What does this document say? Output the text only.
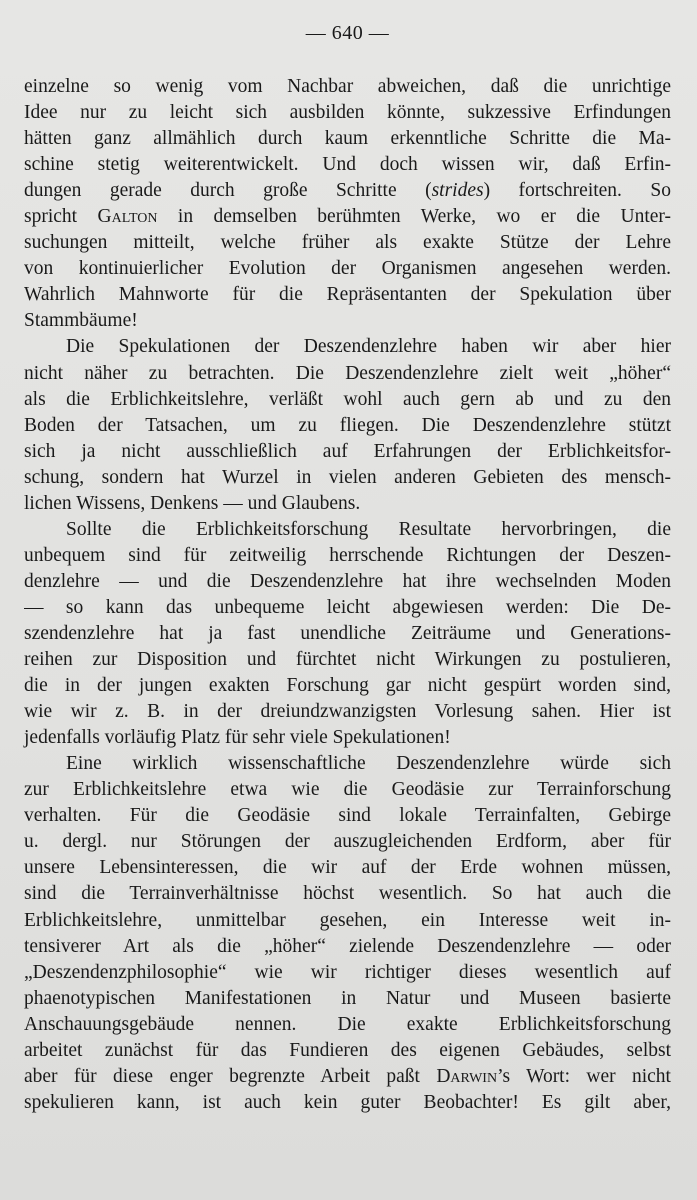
— 640 —
einzelne so wenig vom Nachbar abweichen, daß die unrichtige
Idee nur zu leicht sich ausbilden könnte, sukzessive Erfindungen
hätten ganz allmählich durch kaum erkenntliche Schritte die Ma-
schine stetig weiterentwickelt. Und doch wissen wir, daß Erfin-
dungen gerade durch große Schritte (strides) fortschreiten. So
spricht Galton in demselben berühmten Werke, wo er die Unter-
suchungen mitteilt, welche früher als exakte Stütze der Lehre
von kontinuierlicher Evolution der Organismen angesehen werden.
Wahrlich Mahnworte für die Repräsentanten der Spekulation über
Stammbäume!
Die Spekulationen der Deszendenzlehre haben wir aber hier
nicht näher zu betrachten. Die Deszendenzlehre zielt weit „höher“
als die Erblichkeitslehre, verläßt wohl auch gern ab und zu den
Boden der Tatsachen, um zu fliegen. Die Deszendenzlehre stützt
sich ja nicht ausschließlich auf Erfahrungen der Erblichkeitsfor-
schung, sondern hat Wurzel in vielen anderen Gebieten des mensch-
lichen Wissens, Denkens — und Glaubens.
Sollte die Erblichkeitsforschung Resultate hervorbringen, die
unbequem sind für zeitweilig herrschende Richtungen der Deszen-
denzlehre — und die Deszendenzlehre hat ihre wechselnden Moden
— so kann das unbequeme leicht abgewiesen werden: Die De-
szendenzlehre hat ja fast unendliche Zeiträume und Generations-
reihen zur Disposition und fürchtet nicht Wirkungen zu postulieren,
die in der jungen exakten Forschung gar nicht gespürt worden sind,
wie wir z. B. in der dreiundzwanzigsten Vorlesung sahen. Hier ist
jedenfalls vorläufig Platz für sehr viele Spekulationen!
Eine wirklich wissenschaftliche Deszendenzlehre würde sich
zur Erblichkeitslehre etwa wie die Geodäsie zur Terrainforschung
verhalten. Für die Geodäsie sind lokale Terrainfalten, Gebirge
u. dergl. nur Störungen der auszugleichenden Erdform, aber für
unsere Lebensinteressen, die wir auf der Erde wohnen müssen,
sind die Terrainverhältnisse höchst wesentlich. So hat auch die
Erblichkeitslehre, unmittelbar gesehen, ein Interesse weit in-
tensiverer Art als die „höher“ zielende Deszendenzlehre — oder
„Deszendenzphilosophie“ wie wir richtiger dieses wesentlich auf
phaenotypischen Manifestationen in Natur und Museen basierte
Anschauungsgebäude nennen. Die exakte Erblichkeitsforschung
arbeitet zunächst für das Fundieren des eigenen Gebäudes, selbst
aber für diese enger begrenzte Arbeit paßt Darwin’s Wort: wer nicht
spekulieren kann, ist auch kein guter Beobachter! Es gilt aber,
